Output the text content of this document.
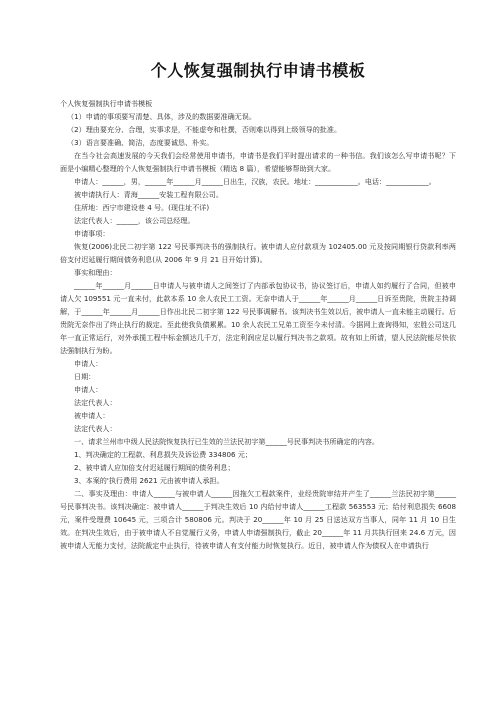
个人恢复强制执行申请书模板

个人恢复强制执行申请书模板

（1）申请的事项要写清楚、具体，涉及的数据要准确无误。

（2）理由要充分、合理，实事求是，不能虚夸和杜撰，否则难以得到上级领导的批准。

（3）语言要准确、简洁，态度要诚恳、朴实。

在当今社会高速发展的今天我们会经常使用申请书，申请书是我们平时提出请求的一种书信。我们该怎么写申请书呢？下面是小编精心整理的个人恢复强制执行申请书模板（精选 8 篇），希望能够帮助到大家。

申请人：______，男，______年______月______日出生，汉族，农民。地址：____________。电话：____________。

被申请执行人：青海______安装工程有限公司。

住所地：西宁市建设巷 4 号。(现住址不详)

法定代表人：______，该公司总经理。

申请事项：

恢复(2006)北民二初字第 122 号民事判决书的强制执行。被申请人应付款项为 102405.00 元及按同期银行贷款利率两倍支付迟延履行期间债务利息(从 2006 年 9 月 21 日开始计算)。

事实和理由：

______年______月______日申请人与被申请人之间签订了内部承包协议书，协议签订后，申请人如约履行了合同，但被申请人欠 109551 元一直未付，此款本系 10 余人农民工工资。无奈申请人于______年______月______日诉至贵院，贵院主持调解，于______年______月______日作出北民二初字第 122 号民事调解书。该判决书生效以后，被申请人一直未能主动履行。后贵院无奈作出了终止执行的裁定。至此使我负债累累。10 余人农民工兄弟工资至今未付清。今据网上查询得知，宏胜公司这几年一直正常运行，对外承揽工程中标金额达几千万，法定利润应足以履行判决书之款项。故有如上所请，望人民法院能尽快依法强制执行为盼。

申请人：

日期：

申请人：

法定代表人：

被申请人：

法定代表人：

一、请求兰州市中级人民法院恢复执行已生效的兰法民初字第______号民事判决书所确定的内容。

1、判决确定的工程款、利息损失及诉讼费 334806 元；

2、被申请人应加倍支付迟延履行期间的债务利息；

3、本案的'执行费用 2621 元由被申请人承担。

二、事实及理由：申请人______与被申请人______因拖欠工程款案件，业经贵院审结并产生了______兰法民初字第______号民事判决书。该判决确定：被申请人______于判决生效后 10 内给付申请人______工程款 563553 元；给付利息损失 6608 元，案件受理费 10645 元，三项合计 580806 元。判决于 20______年 10 月 25 日送达双方当事人，同年 11 月 10 日生效。在判决生效后，由于被申请人不自觉履行义务，申请人申请强制执行，截止 20______年 11 月共执行回来 24.6 万元，因被申请人无能力支付，法院裁定中止执行，待被申请人有支付能力时恢复执行。近日，被申请人作为债权人在申请执行
